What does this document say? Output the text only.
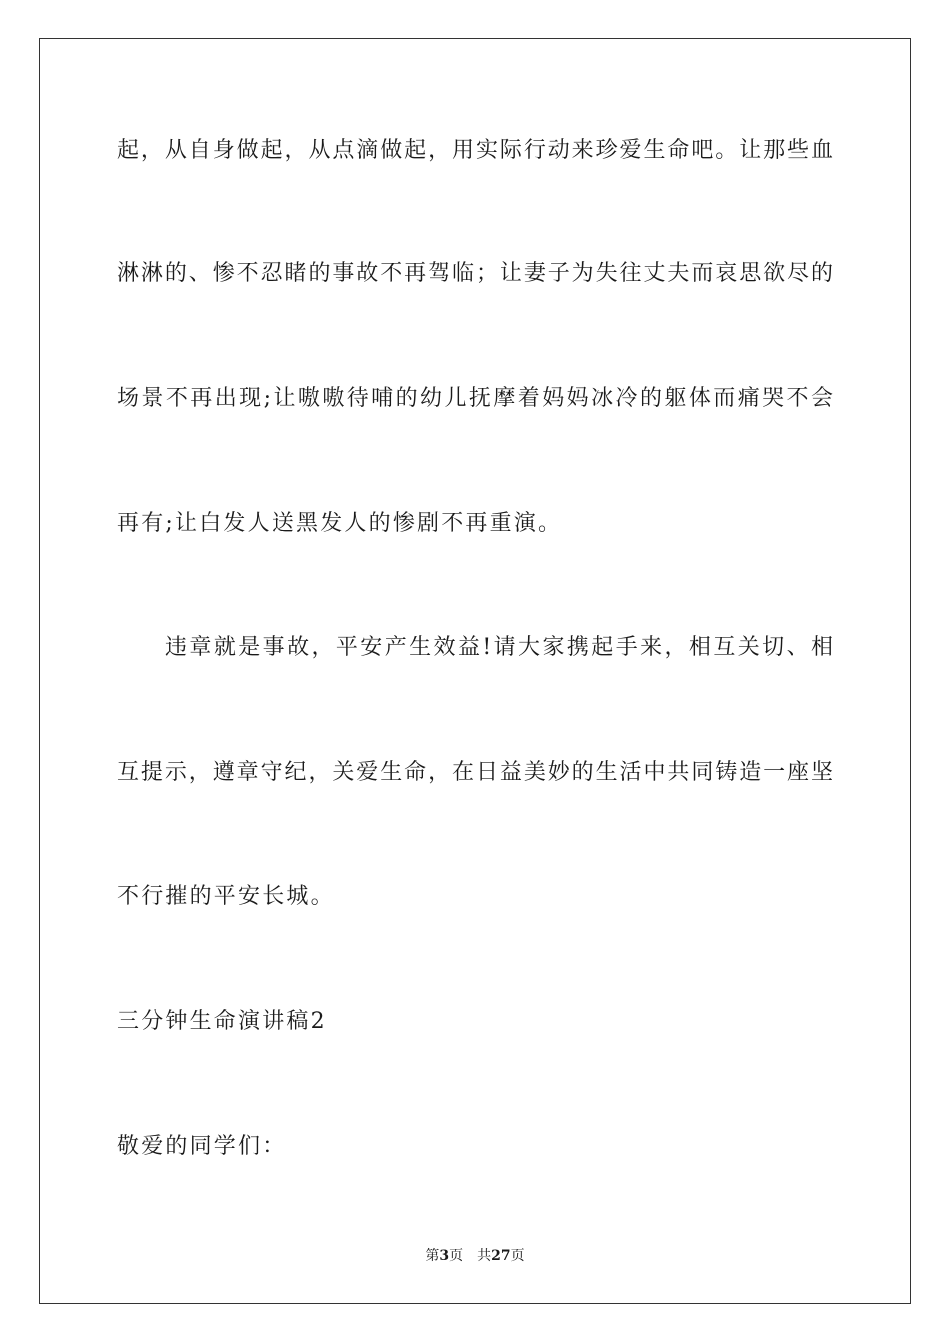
起，从自身做起，从点滴做起，用实际行动来珍爱生命吧。让那些血
淋淋的、惨不忍睹的事故不再驾临；让妻子为失往丈夫而哀思欲尽的
场景不再出现;让嗷嗷待哺的幼儿抚摩着妈妈冰冷的躯体而痛哭不会
再有;让白发人送黑发人的惨剧不再重演。
违章就是事故，平安产生效益!请大家携起手来，相互关切、相
互提示，遵章守纪，关爱生命，在日益美妙的生活中共同铸造一座坚
不行摧的平安长城。
三分钟生命演讲稿2
敬爱的同学们：
第3页 共27页
